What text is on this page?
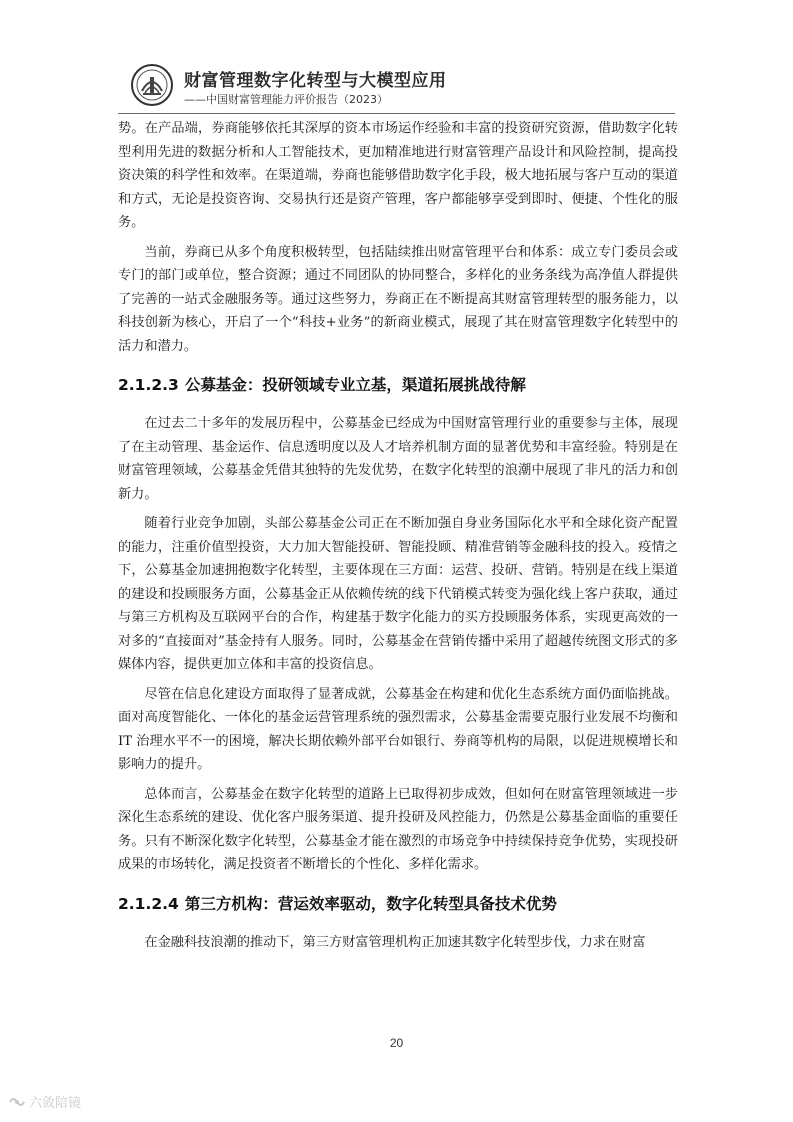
财富管理数字化转型与大模型应用
——中国财富管理能力评价报告（2023）

势。在产品端，券商能够依托其深厚的资本市场运作经验和丰富的投资研究资源，借助数字化转型利用先进的数据分析和人工智能技术，更加精准地进行财富管理产品设计和风险控制，提高投资决策的科学性和效率。在渠道端，券商也能够借助数字化手段，极大地拓展与客户互动的渠道和方式，无论是投资咨询、交易执行还是资产管理，客户都能够享受到即时、便捷、个性化的服务。

当前，券商已从多个角度积极转型，包括陆续推出财富管理平台和体系：成立专门委员会或专门的部门或单位，整合资源；通过不同团队的协同整合，多样化的业务条线为高净值人群提供了完善的一站式金融服务等。通过这些努力，券商正在不断提高其财富管理转型的服务能力，以科技创新为核心，开启了一个“科技+业务”的新商业模式，展现了其在财富管理数字化转型中的活力和潜力。

2.1.2.3 公募基金：投研领域专业立基，渠道拓展挑战待解

在过去二十多年的发展历程中，公募基金已经成为中国财富管理行业的重要参与主体，展现了在主动管理、基金运作、信息透明度以及人才培养机制方面的显著优势和丰富经验。特别是在财富管理领域，公募基金凭借其独特的先发优势，在数字化转型的浪潮中展现了非凡的活力和创新力。

随着行业竞争加剧，头部公募基金公司正在不断加强自身业务国际化水平和全球化资产配置的能力，注重价值型投资，大力加大智能投研、智能投顾、精准营销等金融科技的投入。疫情之下，公募基金加速拥抱数字化转型，主要体现在三方面：运营、投研、营销。特别是在线上渠道的建设和投顾服务方面，公募基金正从依赖传统的线下代销模式转变为强化线上客户获取，通过与第三方机构及互联网平台的合作，构建基于数字化能力的买方投顾服务体系，实现更高效的一对多的“直接面对”基金持有人服务。同时，公募基金在营销传播中采用了超越传统图文形式的多媒体内容，提供更加立体和丰富的投资信息。

尽管在信息化建设方面取得了显著成就，公募基金在构建和优化生态系统方面仍面临挑战。面对高度智能化、一体化的基金运营管理系统的强烈需求，公募基金需要克服行业发展不均衡和 IT 治理水平不一的困境，解决长期依赖外部平台如银行、券商等机构的局限，以促进规模增长和影响力的提升。

总体而言，公募基金在数字化转型的道路上已取得初步成效，但如何在财富管理领域进一步深化生态系统的建设、优化客户服务渠道、提升投研及风控能力，仍然是公募基金面临的重要任务。只有不断深化数字化转型，公募基金才能在激烈的市场竞争中持续保持竞争优势，实现投研成果的市场转化，满足投资者不断增长的个性化、多样化需求。

2.1.2.4 第三方机构：营运效率驱动，数字化转型具备技术优势

在金融科技浪潮的推动下，第三方财富管理机构正加速其数字化转型步伐，力求在财富

20
六敛陪镜
